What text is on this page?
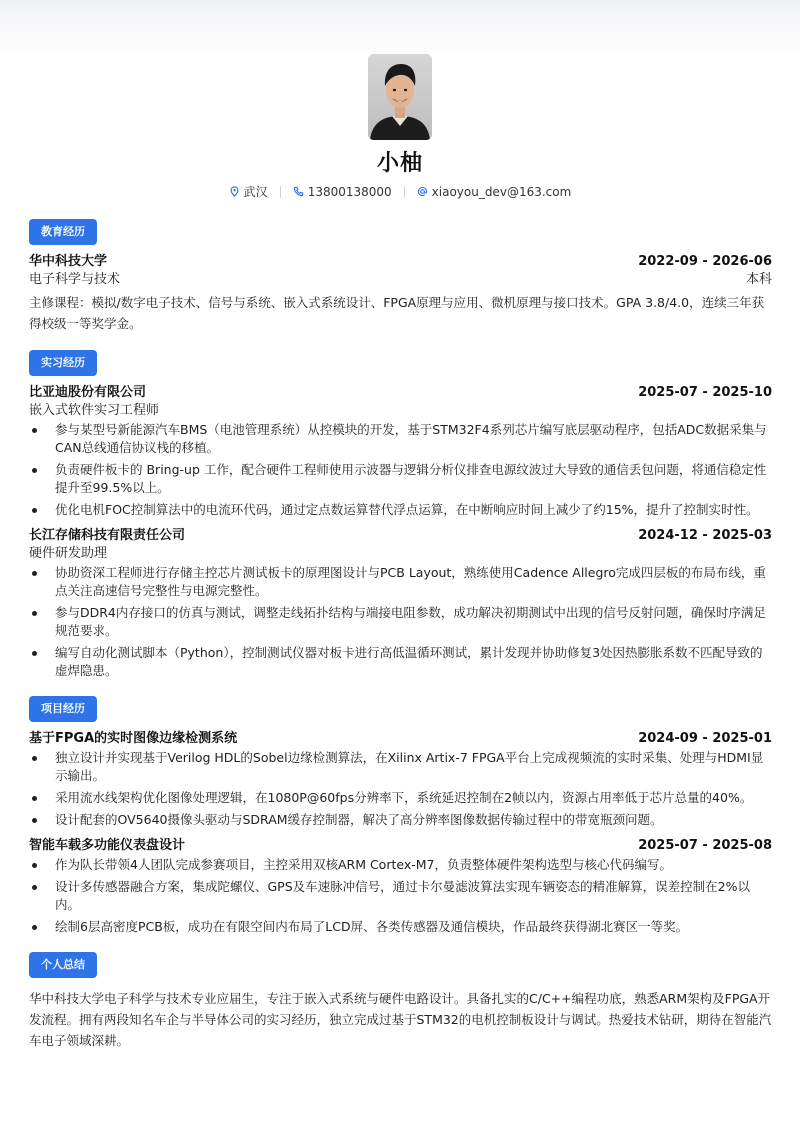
小柚
武汉	13800138000	xiaoyou_dev@163.com
教育经历
华中科技大学	2022-09 - 2026-06
电子科学与技术	本科
主修课程：模拟/数字电子技术、信号与系统、嵌入式系统设计、FPGA原理与应用、微机原理与接口技术。GPA 3.8/4.0，连续三年获得校级一等奖学金。
实习经历
比亚迪股份有限公司	2025-07 - 2025-10
嵌入式软件实习工程师
参与某型号新能源汽车BMS（电池管理系统）从控模块的开发，基于STM32F4系列芯片编写底层驱动程序，包括ADC数据采集与CAN总线通信协议栈的移植。
负责硬件板卡的 Bring-up 工作，配合硬件工程师使用示波器与逻辑分析仪排查电源纹波过大导致的通信丢包问题，将通信稳定性提升至99.5%以上。
优化电机FOC控制算法中的电流环代码，通过定点数运算替代浮点运算，在中断响应时间上减少了约15%，提升了控制实时性。
长江存储科技有限责任公司	2024-12 - 2025-03
硬件研发助理
协助资深工程师进行存储主控芯片测试板卡的原理图设计与PCB Layout，熟练使用Cadence Allegro完成四层板的布局布线，重点关注高速信号完整性与电源完整性。
参与DDR4内存接口的仿真与测试，调整走线拓扑结构与端接电阻参数，成功解决初期测试中出现的信号反射问题，确保时序满足规范要求。
编写自动化测试脚本（Python），控制测试仪器对板卡进行高低温循环测试，累计发现并协助修复3处因热膨胀系数不匹配导致的虚焊隐患。
项目经历
基于FPGA的实时图像边缘检测系统	2024-09 - 2025-01
独立设计并实现基于Verilog HDL的Sobel边缘检测算法，在Xilinx Artix-7 FPGA平台上完成视频流的实时采集、处理与HDMI显示输出。
采用流水线架构优化图像处理逻辑，在1080P@60fps分辨率下，系统延迟控制在2帧以内，资源占用率低于芯片总量的40%。
设计配套的OV5640摄像头驱动与SDRAM缓存控制器，解决了高分辨率图像数据传输过程中的带宽瓶颈问题。
智能车载多功能仪表盘设计	2025-07 - 2025-08
作为队长带领4人团队完成参赛项目，主控采用双核ARM Cortex-M7，负责整体硬件架构选型与核心代码编写。
设计多传感器融合方案，集成陀螺仪、GPS及车速脉冲信号，通过卡尔曼滤波算法实现车辆姿态的精准解算，误差控制在2%以内。
绘制6层高密度PCB板，成功在有限空间内布局了LCD屏、各类传感器及通信模块，作品最终获得湖北赛区一等奖。
个人总结
华中科技大学电子科学与技术专业应届生，专注于嵌入式系统与硬件电路设计。具备扎实的C/C++编程功底，熟悉ARM架构及FPGA开发流程。拥有两段知名车企与半导体公司的实习经历，独立完成过基于STM32的电机控制板设计与调试。热爱技术钻研，期待在智能汽车电子领域深耕。
